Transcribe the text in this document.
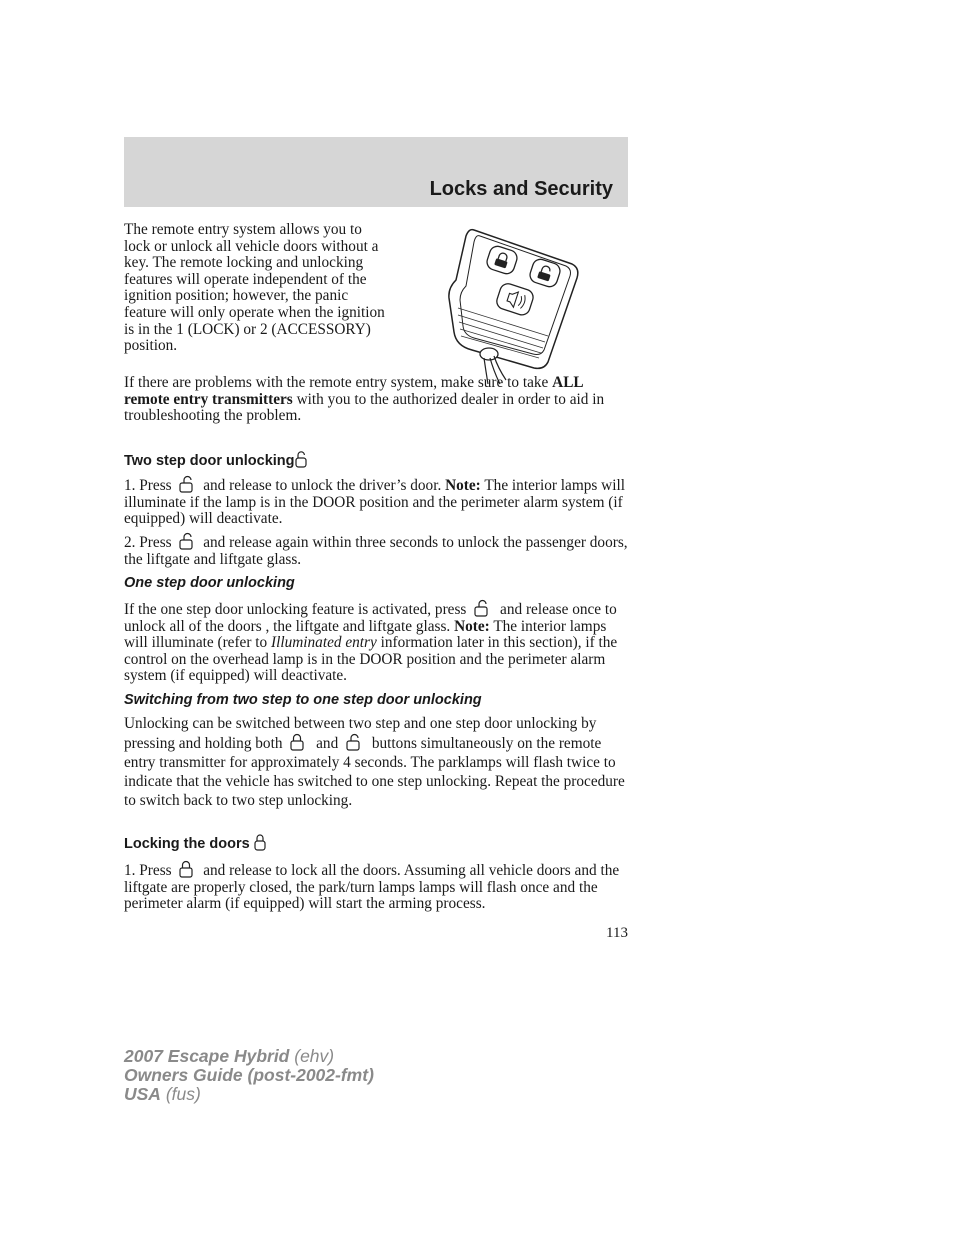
Locks and Security

The remote entry system allows you to lock or unlock all vehicle doors without a key. The remote locking and unlocking features will operate independent of the ignition position; however, the panic feature will only operate when the ignition is in the 1 (LOCK) or 2 (ACCESSORY) position.

If there are problems with the remote entry system, make sure to take ALL remote entry transmitters with you to the authorized dealer in order to aid in troubleshooting the problem.

Two step door unlocking

1. Press
and release to unlock the driver’s door. Note: The interior lamps will illuminate if the lamp is in the DOOR position and the perimeter alarm system (if equipped) will deactivate.

2. Press
and release again within three seconds to unlock the passenger doors, the liftgate and liftgate glass.

One step door unlocking

If the one step door unlocking feature is activated, press
and release once to unlock all of the doors , the liftgate and liftgate glass. Note: The interior lamps will illuminate (refer to Illuminated entry information later in this section), if the control on the overhead lamp is in the DOOR position and the perimeter alarm system (if equipped) will deactivate.

Switching from two step to one step door unlocking

Unlocking can be switched between two step and one step door unlocking by pressing and holding both
and
buttons simultaneously on the remote entry transmitter for approximately 4 seconds. The parklamps will flash twice to indicate that the vehicle has switched to one step unlocking. Repeat the procedure to switch back to two step unlocking.

Locking the doors

1. Press
and release to lock all the doors. Assuming all vehicle doors and the liftgate are properly closed, the park/turn lamps lamps will flash once and the perimeter alarm (if equipped) will start the arming process.

113
2007 Escape Hybrid (ehv)
Owners Guide (post-2002-fmt)
USA (fus)
